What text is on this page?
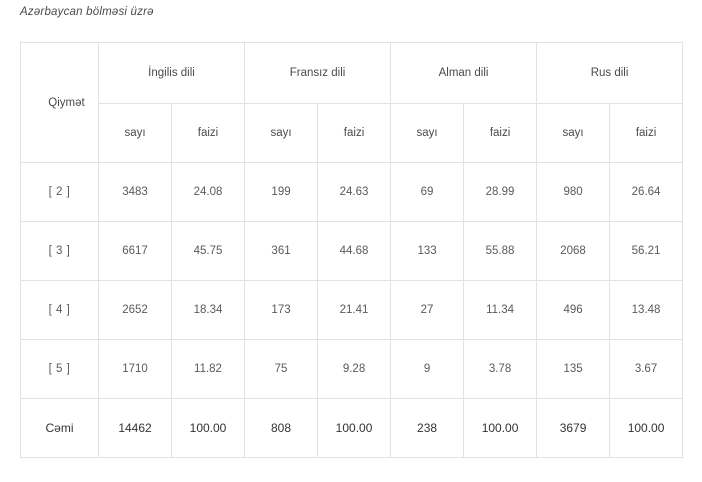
Azərbaycan bölməsi üzrə
Qiymət	İngilis dili		Fransız dili		Alman dili		Rus dili	
	sayı	faizi	sayı	faizi	sayı	faizi	sayı	faizi
[ 2 ]	3483	24.08	199	24.63	69	28.99	980	26.64
[ 3 ]	6617	45.75	361	44.68	133	55.88	2068	56.21
[ 4 ]	2652	18.34	173	21.41	27	11.34	496	13.48
[ 5 ]	1710	11.82	75	9.28	9	3.78	135	3.67
Cəmi	14462	100.00	808	100.00	238	100.00	3679	100.00
